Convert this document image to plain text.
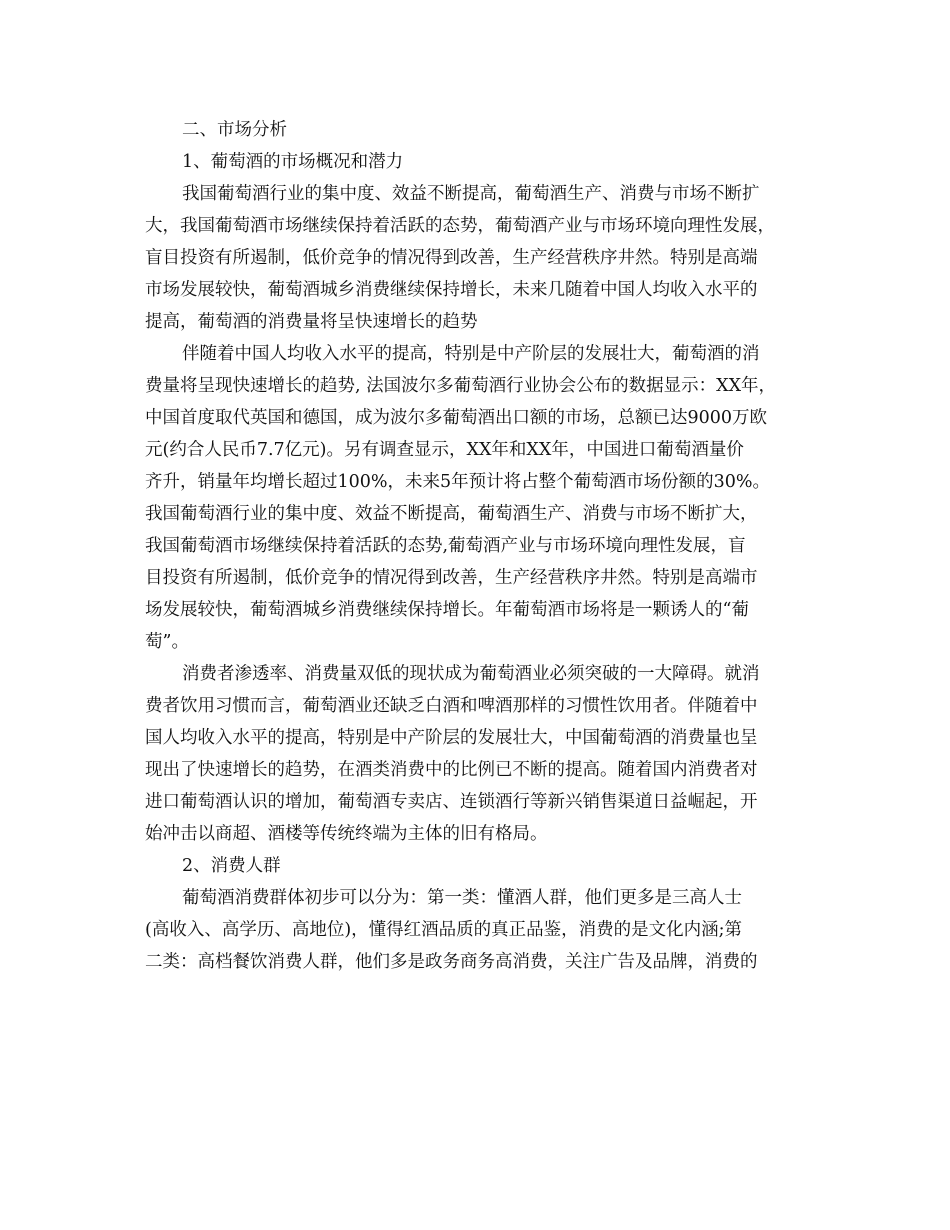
二、市场分析

1、葡萄酒的市场概况和潜力

我国葡萄酒行业的集中度、效益不断提高，葡萄酒生产、消费与市场不断扩
大，我国葡萄酒市场继续保持着活跃的态势，葡萄酒产业与市场环境向理性发展，
盲目投资有所遏制，低价竞争的情况得到改善，生产经营秩序井然。特别是高端
市场发展较快，葡萄酒城乡消费继续保持增长，未来几随着中国人均收入水平的
提高，葡萄酒的消费量将呈快速增长的趋势

伴随着中国人均收入水平的提高，特别是中产阶层的发展壮大，葡萄酒的消
费量将呈现快速增长的趋势, 法国波尔多葡萄酒行业协会公布的数据显示：XX年，
中国首度取代英国和德国，成为波尔多葡萄酒出口额的市场，总额已达9000万欧
元(约合人民币7.7亿元)。另有调查显示，XX年和XX年，中国进口葡萄酒量价
齐升，销量年均增长超过100%，未来5年预计将占整个葡萄酒市场份额的30%。
我国葡萄酒行业的集中度、效益不断提高，葡萄酒生产、消费与市场不断扩大，
我国葡萄酒市场继续保持着活跃的态势,葡萄酒产业与市场环境向理性发展，盲
目投资有所遏制，低价竞争的情况得到改善，生产经营秩序井然。特别是高端市
场发展较快，葡萄酒城乡消费继续保持增长。年葡萄酒市场将是一颗诱人的“葡
萄”。

消费者渗透率、消费量双低的现状成为葡萄酒业必须突破的一大障碍。就消
费者饮用习惯而言，葡萄酒业还缺乏白酒和啤酒那样的习惯性饮用者。伴随着中
国人均收入水平的提高，特别是中产阶层的发展壮大，中国葡萄酒的消费量也呈
现出了快速增长的趋势，在酒类消费中的比例已不断的提高。随着国内消费者对
进口葡萄酒认识的增加，葡萄酒专卖店、连锁酒行等新兴销售渠道日益崛起，开
始冲击以商超、酒楼等传统终端为主体的旧有格局。

2、消费人群

葡萄酒消费群体初步可以分为：第一类：懂酒人群，他们更多是三高人士
(高收入、高学历、高地位)，懂得红酒品质的真正品鉴，消费的是文化内涵;第
二类：高档餐饮消费人群，他们多是政务商务高消费，关注广告及品牌，消费的
